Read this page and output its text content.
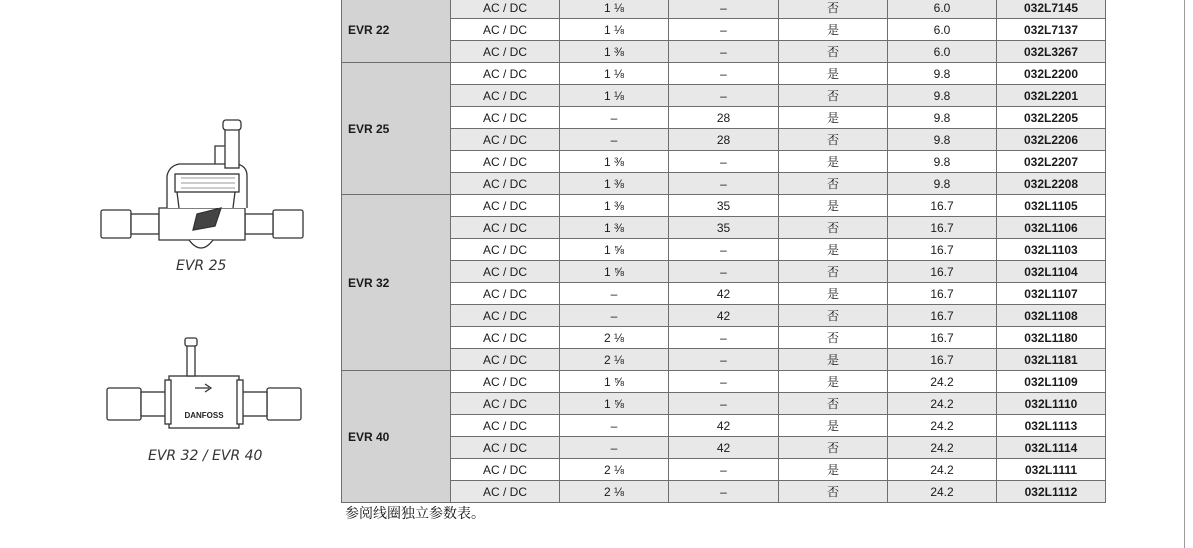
EVR 25
DANFOSS
EVR 32 / EVR 40
EVR 22	AC / DC	1 ⅛	–	否	6.0	032L7145
	AC / DC	1 ⅛	–	是	6.0	032L7137
	AC / DC	1 ⅜	–	否	6.0	032L3267
EVR 25	AC / DC	1 ⅛	–	是	9.8	032L2200
	AC / DC	1 ⅛	–	否	9.8	032L2201
	AC / DC	–	28	是	9.8	032L2205
	AC / DC	–	28	否	9.8	032L2206
	AC / DC	1 ⅜	–	是	9.8	032L2207
	AC / DC	1 ⅜	–	否	9.8	032L2208
EVR 32	AC / DC	1 ⅜	35	是	16.7	032L1105
	AC / DC	1 ⅜	35	否	16.7	032L1106
	AC / DC	1 ⅝	–	是	16.7	032L1103
	AC / DC	1 ⅝	–	否	16.7	032L1104
	AC / DC	–	42	是	16.7	032L1107
	AC / DC	–	42	否	16.7	032L1108
	AC / DC	2 ⅛	–	否	16.7	032L1180
	AC / DC	2 ⅛	–	是	16.7	032L1181
EVR 40	AC / DC	1 ⅝	–	是	24.2	032L1109
	AC / DC	1 ⅝	–	否	24.2	032L1110
	AC / DC	–	42	是	24.2	032L1113
	AC / DC	–	42	否	24.2	032L1114
	AC / DC	2 ⅛	–	是	24.2	032L1111
	AC / DC	2 ⅛	–	否	24.2	032L1112
参阅线圈独立参数表。
